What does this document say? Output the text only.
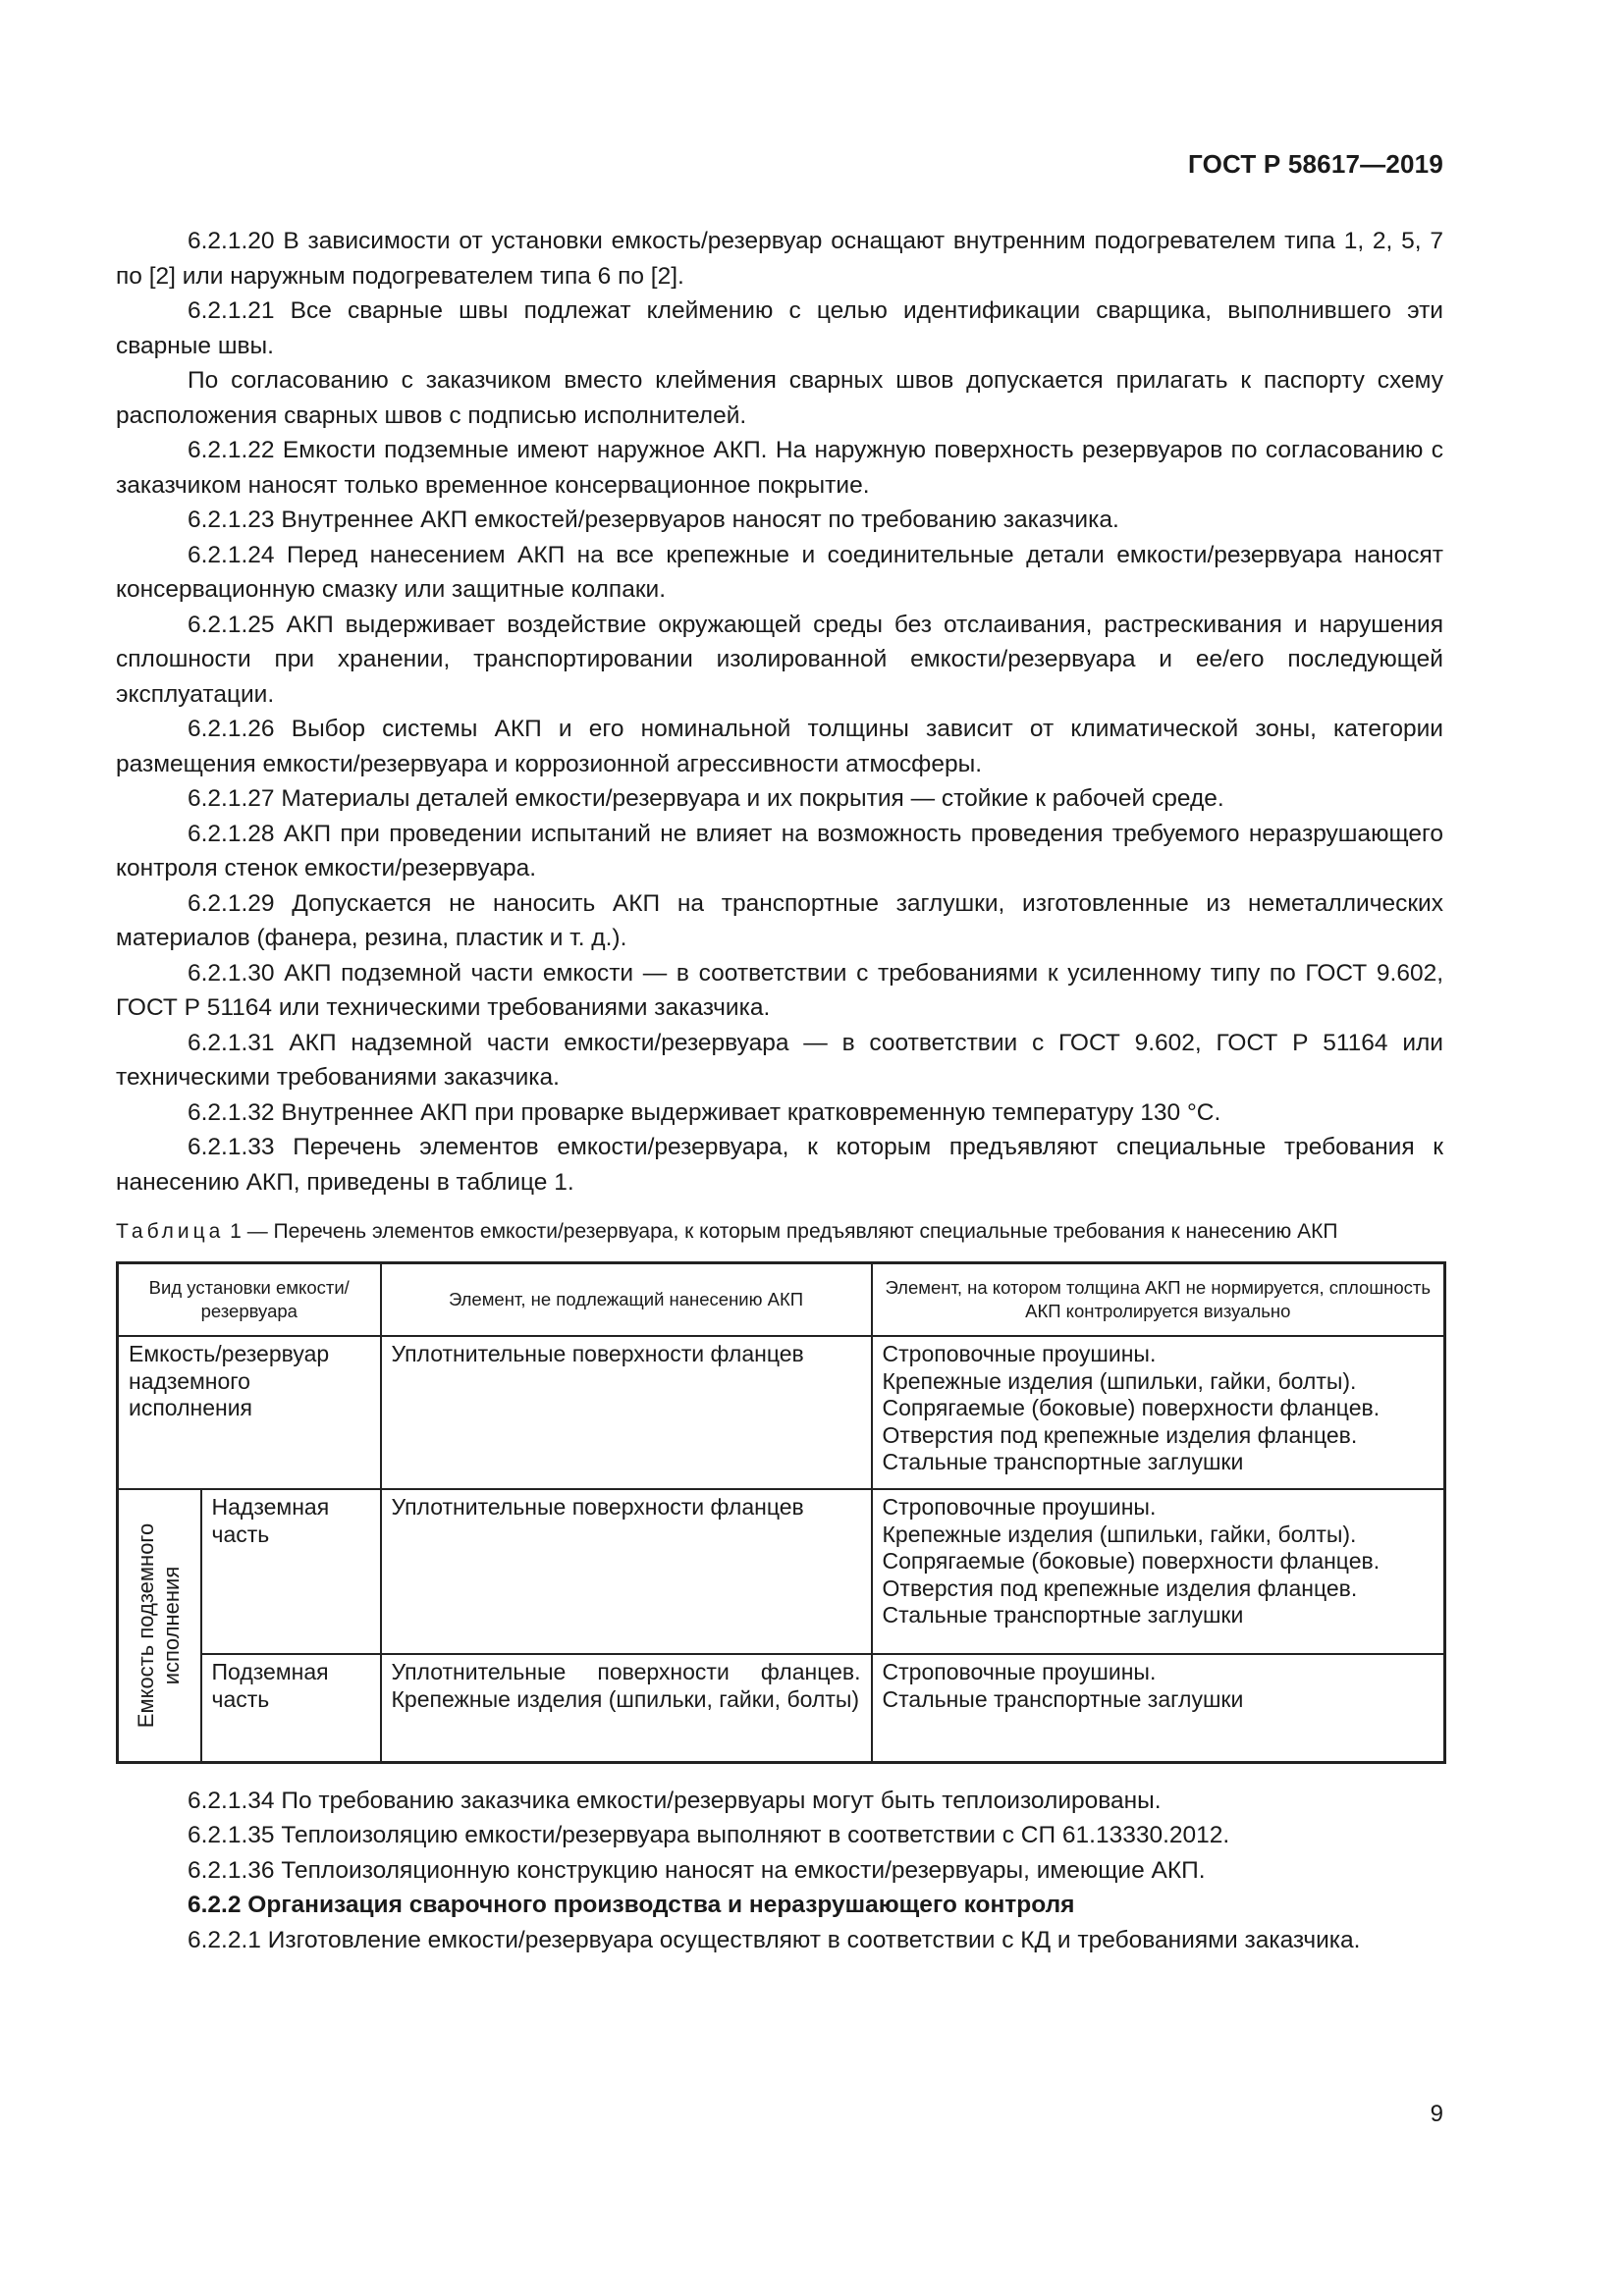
ГОСТ Р 58617—2019

6.2.1.20 В зависимости от установки емкость/резервуар оснащают внутренним подогревателем типа 1, 2, 5, 7 по [2] или наружным подогревателем типа 6 по [2].

6.2.1.21 Все сварные швы подлежат клеймению с целью идентификации сварщика, выполнившего эти сварные швы.

По согласованию с заказчиком вместо клеймения сварных швов допускается прилагать к паспорту схему расположения сварных швов с подписью исполнителей.

6.2.1.22 Емкости подземные имеют наружное АКП. На наружную поверхность резервуаров по согласованию с заказчиком наносят только временное консервационное покрытие.

6.2.1.23 Внутреннее АКП емкостей/резервуаров наносят по требованию заказчика.

6.2.1.24 Перед нанесением АКП на все крепежные и соединительные детали емкости/резервуара наносят консервационную смазку или защитные колпаки.

6.2.1.25 АКП выдерживает воздействие окружающей среды без отслаивания, растрескивания и нарушения сплошности при хранении, транспортировании изолированной емкости/резервуара и ее/его последующей эксплуатации.

6.2.1.26 Выбор системы АКП и его номинальной толщины зависит от климатической зоны, категории размещения емкости/резервуара и коррозионной агрессивности атмосферы.

6.2.1.27 Материалы деталей емкости/резервуара и их покрытия — стойкие к рабочей среде.

6.2.1.28 АКП при проведении испытаний не влияет на возможность проведения требуемого неразрушающего контроля стенок емкости/резервуара.

6.2.1.29 Допускается не наносить АКП на транспортные заглушки, изготовленные из неметаллических материалов (фанера, резина, пластик и т. д.).

6.2.1.30 АКП подземной части емкости — в соответствии с требованиями к усиленному типу по ГОСТ 9.602, ГОСТ Р 51164 или техническими требованиями заказчика.

6.2.1.31 АКП надземной части емкости/резервуара — в соответствии с ГОСТ 9.602, ГОСТ Р 51164 или техническими требованиями заказчика.

6.2.1.32 Внутреннее АКП при проварке выдерживает кратковременную температуру 130 °С.

6.2.1.33 Перечень элементов емкости/резервуара, к которым предъявляют специальные требования к нанесению АКП, приведены в таблице 1.

Таблица 1 — Перечень элементов емкости/резервуара, к которым предъявляют специальные требования к нанесению АКП

Вид установки емкости/резервуара		Элемент, не подлежащий нанесению АКП	Элемент, на котором толщина АКП не нормируется, сплошность АКП контролируется визуально
Емкость/резервуар надземного исполнения		Уплотнительные поверхности фланцев	Строповочные проушины.
Крепежные изделия (шпильки, гайки, болты).
Сопрягаемые (боковые) поверхности фланцев.
Отверстия под крепежные изделия фланцев.
Стальные транспортные заглушки

Емкость подземного исполнения	Надземная часть	Уплотнительные поверхности фланцев	Строповочные проушины.
Крепежные изделия (шпильки, гайки, болты).
Сопрягаемые (боковые) поверхности фланцев.
Отверстия под крепежные изделия фланцев.
Стальные транспортные заглушки

	Подземная часть	Уплотнительные поверхности фланцев. Крепежные изделия (шпильки, гайки, болты)	Строповочные проушины.
Стальные транспортные заглушки

6.2.1.34 По требованию заказчика емкости/резервуары могут быть теплоизолированы.

6.2.1.35 Теплоизоляцию емкости/резервуара выполняют в соответствии с СП 61.13330.2012.

6.2.1.36 Теплоизоляционную конструкцию наносят на емкости/резервуары, имеющие АКП.

6.2.2 Организация сварочного производства и неразрушающего контроля

6.2.2.1 Изготовление емкости/резервуара осуществляют в соответствии с КД и требованиями заказчика.

9
